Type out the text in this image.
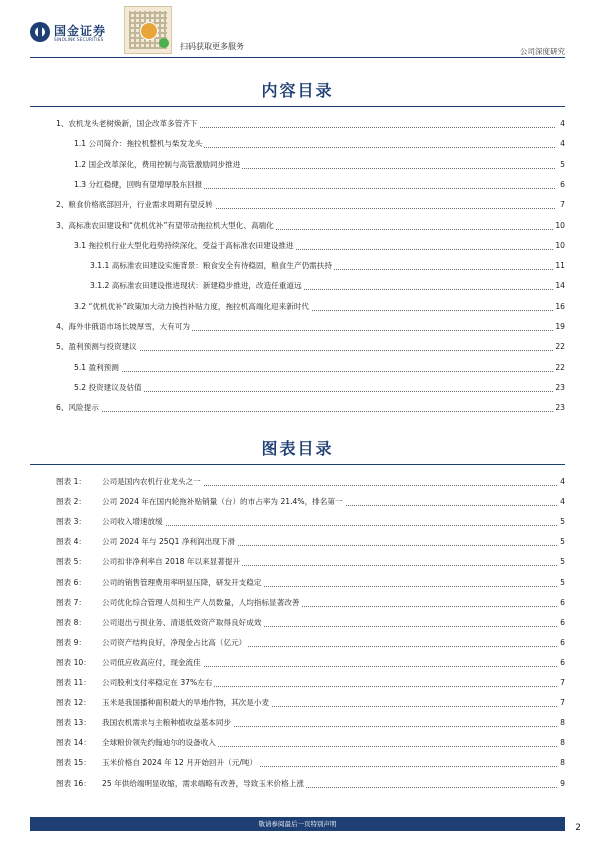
国金证券
SINOLINK SECURITIES
扫码获取更多服务
公司深度研究
内容目录
1、农机龙头老树焕新，国企改革多管齐下	4
1.1 公司简介：拖拉机整机与柴发龙头	4
1.2 国企改革深化，费用控制与高管激励同步推进	5
1.3 分红稳健，回购有望增厚股东回报	6
2、粮食价格底部回升，行业需求周期有望反转	7
3、高标准农田建设和“优机优补”有望带动拖拉机大型化、高端化	10
3.1 拖拉机行业大型化趋势持续深化，受益于高标准农田建设推进	10
3.1.1 高标准农田建设实施背景：粮食安全有待稳固，粮食生产仍需扶持	11
3.1.2 高标准农田建设推进现状：新建稳步推进，改造任重道远	14
3.2 “优机优补”政策加大动力换挡补贴力度，拖拉机高端化迎来新时代	16
4、海外非俄语市场长坡厚雪，大有可为	19
5、盈利预测与投资建议	22
5.1 盈利预测	22
5.2 投资建议及估值	23
6、风险提示	23
图表目录
图表 1： 公司是国内农机行业龙头之一	4
图表 2： 公司 2024 年在国内轮拖补贴销量（台）的市占率为 21.4%，排名第一	4
图表 3： 公司收入增速放缓	5
图表 4： 公司 2024 年与 25Q1 净利润出现下滑	5
图表 5： 公司扣非净利率自 2018 年以来显著提升	5
图表 6： 公司的销售管理费用率明显压降，研发开支稳定	5
图表 7： 公司优化综合管理人员和生产人员数量，人均指标显著改善	6
图表 8： 公司退出亏损业务、清退低效资产取得良好成效	6
图表 9： 公司资产结构良好，净现金占比高（亿元）	6
图表 10： 公司低应收高应付，现金流佳	6
图表 11： 公司股利支付率稳定在 37%左右	7
图表 12： 玉米是我国播种面积最大的旱地作物，其次是小麦	7
图表 13： 我国农机需求与主粮种植收益基本同步	8
图表 14： 全球粮价领先约翰迪尔的设备收入	8
图表 15： 玉米价格自 2024 年 12 月开始回升（元/吨）	8
图表 16： 25 年供给端明显收缩，需求端略有改善，导致玉米价格上涨	9
敬请参阅最后一页特别声明	2
